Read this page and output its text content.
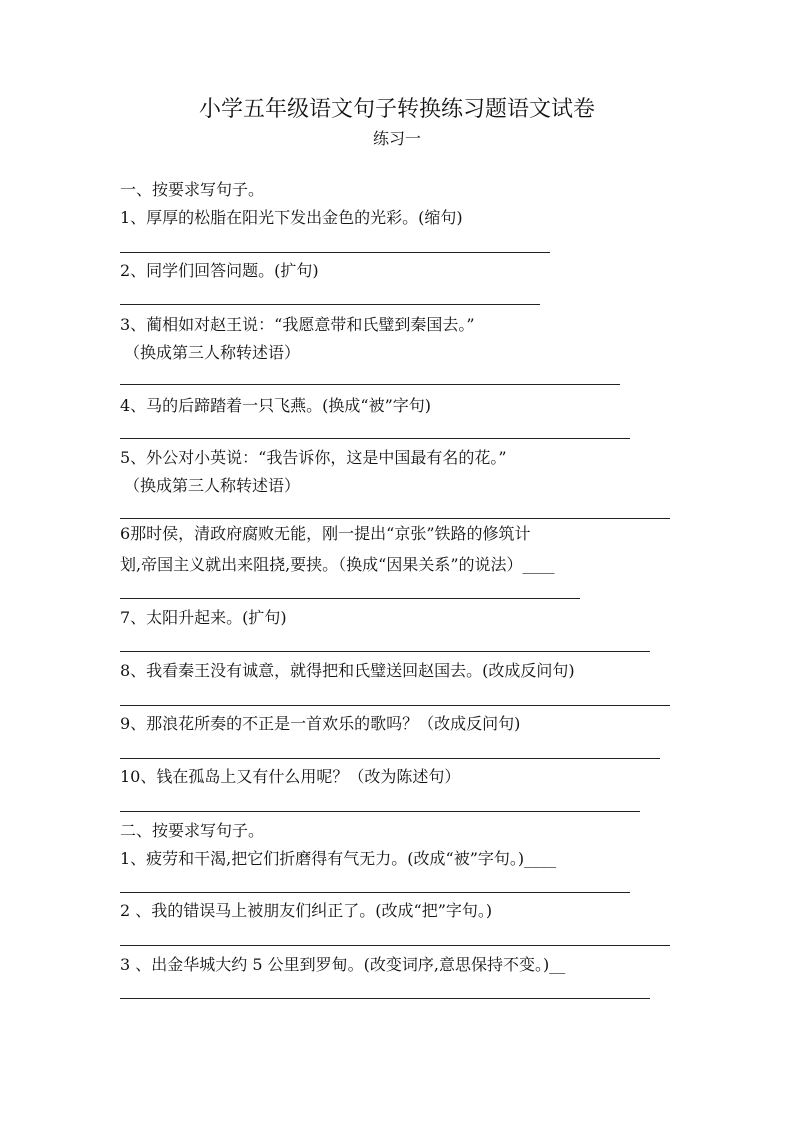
小学五年级语文句子转换练习题语文试卷
练习一
一、按要求写句子。
1、厚厚的松脂在阳光下发出金色的光彩。(缩句)
2、同学们回答问题。(扩句)
3、蔺相如对赵王说：“我愿意带和氏璧到秦国去。”
（换成第三人称转述语）
4、马的后蹄踏着一只飞燕。(换成“被”字句)
5、外公对小英说：“我告诉你，这是中国最有名的花。”
（换成第三人称转述语）
6那时侯，清政府腐败无能，刚一提出“京张”铁路的修筑计
划,帝国主义就出来阻挠,要挟。（换成“因果关系”的说法）____
7、太阳升起来。(扩句)
8、我看秦王没有诚意，就得把和氏璧送回赵国去。(改成反问句)
9、那浪花所奏的不正是一首欢乐的歌吗？（改成反问句)
10、钱在孤岛上又有什么用呢？（改为陈述句）
二、按要求写句子。
1、疲劳和干渴,把它们折磨得有气无力。(改成“被”字句。)____
2 、我的错误马上被朋友们纠正了。(改成“把”字句。)
3 、出金华城大约 5 公里到罗甸。(改变词序,意思保持不变。)__
